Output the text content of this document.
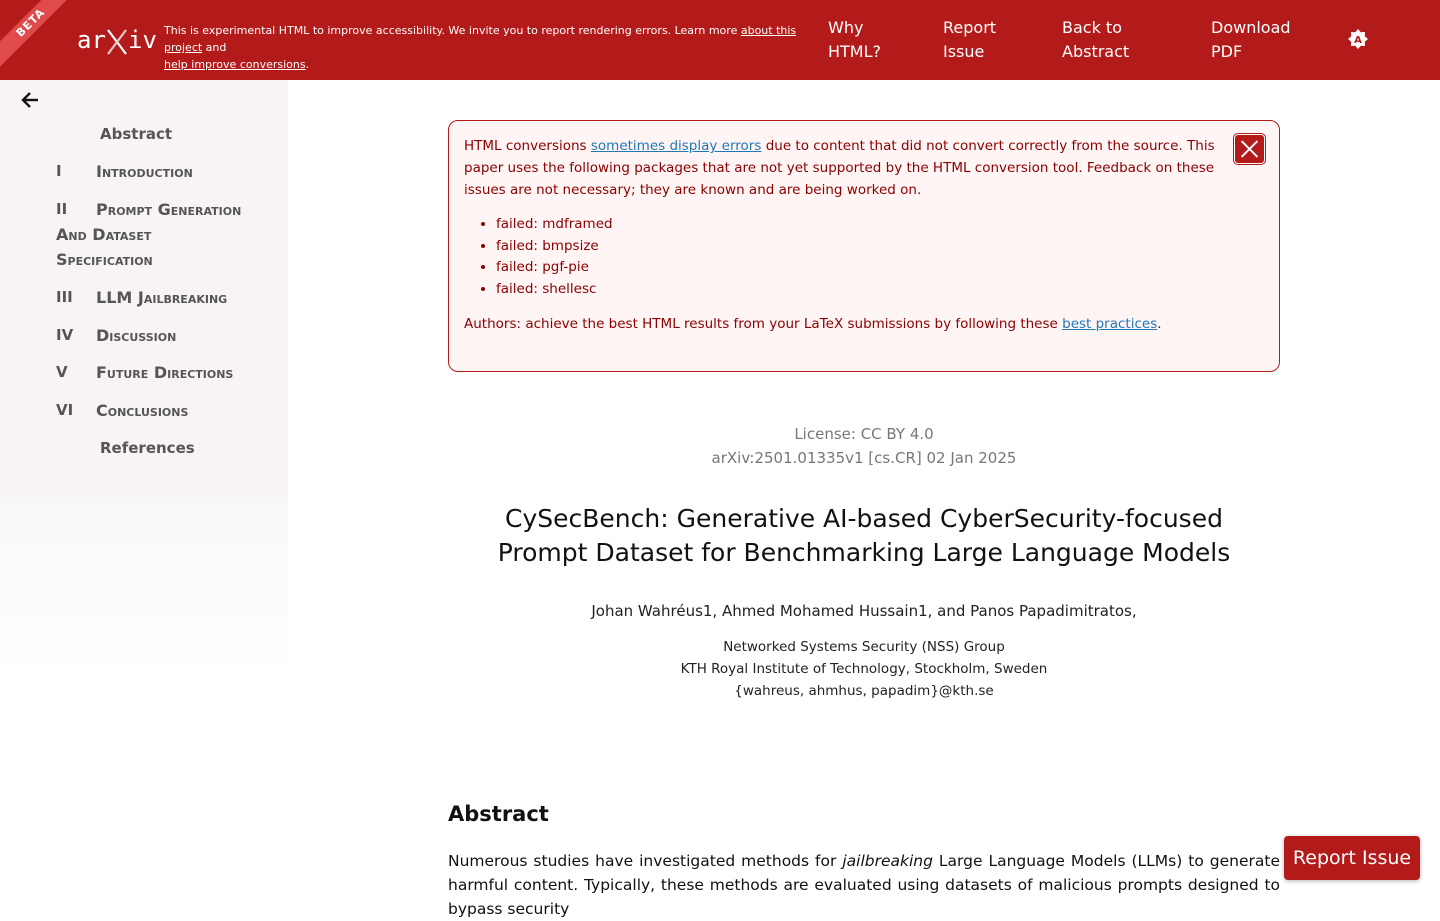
BETA
ar iv This is experimental HTML to improve accessibility. We invite you to report rendering errors. Learn more about this project and
help improve conversions.
Why
HTML?
Report
Issue
Back to
Abstract
Download
PDF
A
Abstract
I Introduction
II Prompt Generation
And Dataset
Specification
III LLM Jailbreaking
IV Discussion
V Future Directions
VI Conclusions
References

HTML conversions sometimes display errors due to content that did not convert correctly from the source. This paper uses the following packages that are not yet supported by the HTML conversion tool. Feedback on these issues are not necessary; they are known and are being worked on.

• failed: mdframed
• failed: bmpsize
• failed: pgf-pie
• failed: shellesc

Authors: achieve the best HTML results from your LaTeX submissions by following these best practices.

License: CC BY 4.0
arXiv:2501.01335v1 [cs.CR] 02 Jan 2025
CySecBench: Generative AI-based CyberSecurity-focused
Prompt Dataset for Benchmarking Large Language Models
Johan Wahréus1, Ahmed Mohamed Hussain1, and Panos Papadimitratos,
Networked Systems Security (NSS) Group
KTH Royal Institute of Technology, Stockholm, Sweden
{wahreus, ahmhus, papadim}@kth.se
Abstract

Numerous studies have investigated methods for jailbreaking Large Language Models (LLMs) to generate harmful content. Typically, these methods are evaluated using datasets of malicious prompts designed to bypass security

Report Issue
